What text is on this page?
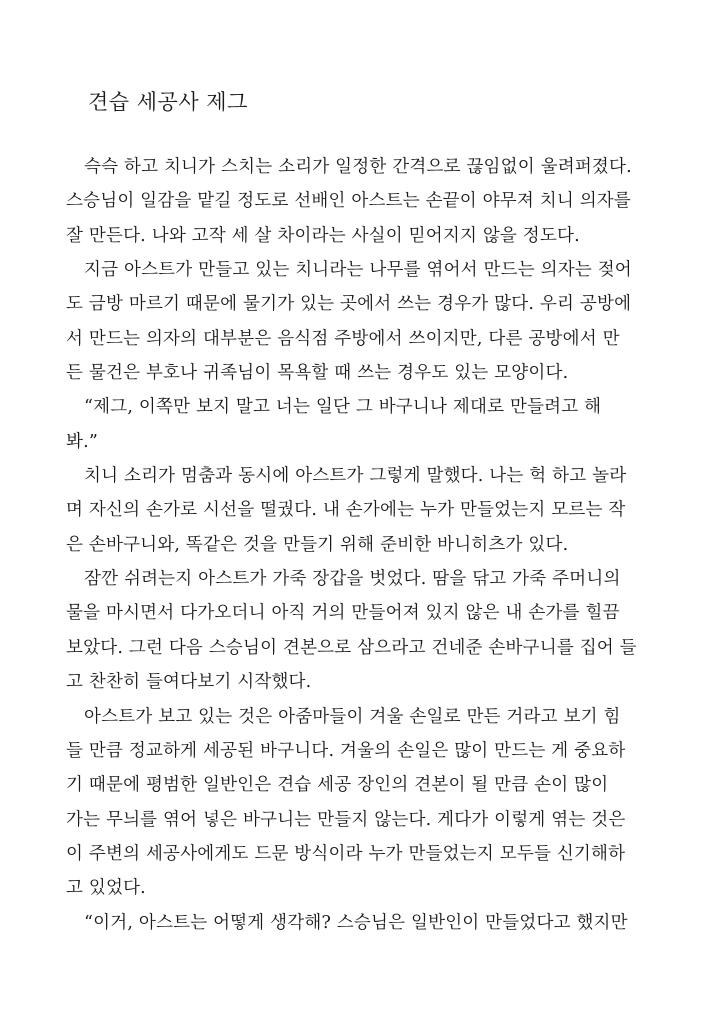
견습 세공사 제그
슥슥 하고 치니가 스치는 소리가 일정한 간격으로 끊임없이 울려퍼졌다.
스승님이 일감을 맡길 정도로 선배인 아스트는 손끝이 야무져 치니 의자를
잘 만든다. 나와 고작 세 살 차이라는 사실이 믿어지지 않을 정도다.
지금 아스트가 만들고 있는 치니라는 나무를 엮어서 만드는 의자는 젖어
도 금방 마르기 때문에 물기가 있는 곳에서 쓰는 경우가 많다. 우리 공방에
서 만드는 의자의 대부분은 음식점 주방에서 쓰이지만, 다른 공방에서 만
든 물건은 부호나 귀족님이 목욕할 때 쓰는 경우도 있는 모양이다.
“제그, 이쪽만 보지 말고 너는 일단 그 바구니나 제대로 만들려고 해
봐.”
치니 소리가 멈춤과 동시에 아스트가 그렇게 말했다. 나는 헉 하고 놀라
며 자신의 손가로 시선을 떨궜다. 내 손가에는 누가 만들었는지 모르는 작
은 손바구니와, 똑같은 것을 만들기 위해 준비한 바니히츠가 있다.
잠깐 쉬려는지 아스트가 가죽 장갑을 벗었다. 땀을 닦고 가죽 주머니의
물을 마시면서 다가오더니 아직 거의 만들어져 있지 않은 내 손가를 힐끔
보았다. 그런 다음 스승님이 견본으로 삼으라고 건네준 손바구니를 집어 들
고 찬찬히 들여다보기 시작했다.
아스트가 보고 있는 것은 아줌마들이 겨울 손일로 만든 거라고 보기 힘
들 만큼 정교하게 세공된 바구니다. 겨울의 손일은 많이 만드는 게 중요하
기 때문에 평범한 일반인은 견습 세공 장인의 견본이 될 만큼 손이 많이
가는 무늬를 엮어 넣은 바구니는 만들지 않는다. 게다가 이렇게 엮는 것은
이 주변의 세공사에게도 드문 방식이라 누가 만들었는지 모두들 신기해하
고 있었다.
“이거, 아스트는 어떻게 생각해? 스승님은 일반인이 만들었다고 했지만
